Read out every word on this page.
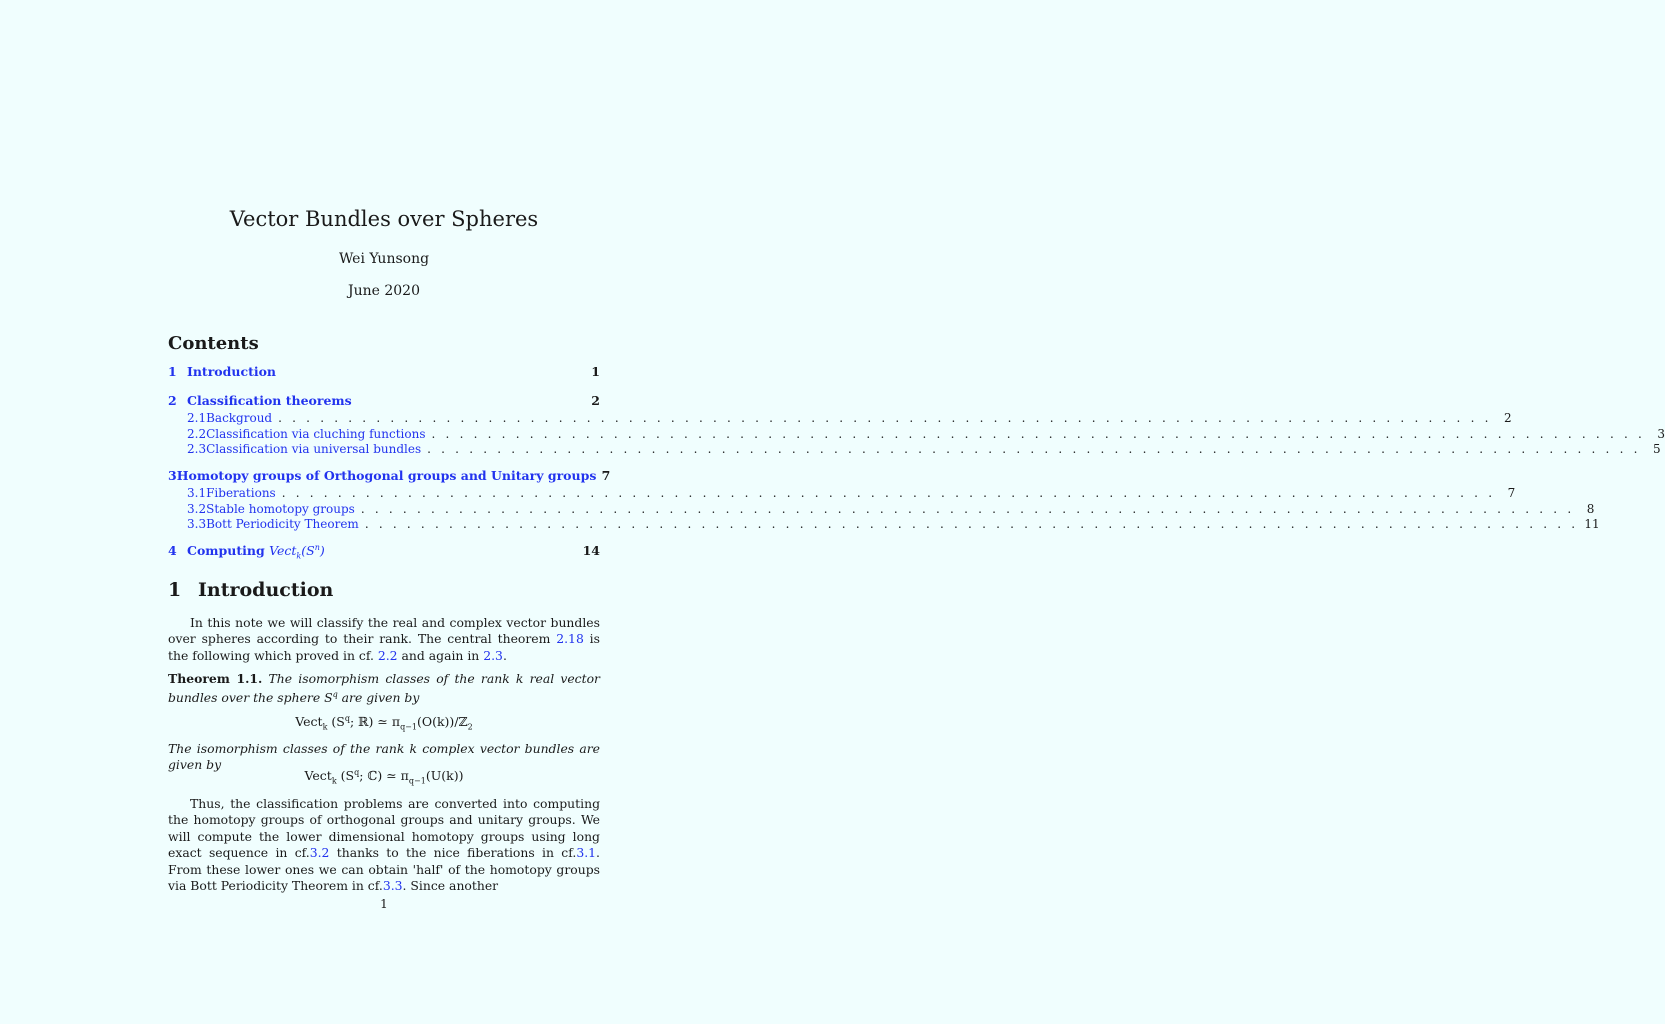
Vector Bundles over Spheres
Wei Yunsong
June 2020
Contents
1 Introduction	1
2 Classification theorems	2
2.1 Backgroud . . .	2
2.2 Classification via cluching functions . . .	3
2.3 Classification via universal bundles . . .	5
3 Homotopy groups of Orthogonal groups and Unitary groups 7
3.1 Fiberations . . .	7
3.2 Stable homotopy groups . . .	8
3.3 Bott Periodicity Theorem . . .	11
4 Computing $Vect_k(S^n)$	14
1 Introduction
In this note we will classify the real and complex vector bundles over spheres according to their rank. The central theorem 2.18 is the following which proved in cf. 2.2 and again in 2.3.
Theorem 1.1. The isomorphism classes of the rank k real vector bundles over the sphere $S^q$ are given by
Vect$_k$ ($S^q$; ℝ) ≃ $\pi_{q-1}(O(k))/ℤ_2$
The isomorphism classes of the rank k complex vector bundles are given by
Vect$_k$ ($S^q$; ℂ) ≃ $\pi_{q-1}(U(k))$
Thus, the classification problems are converted into computing the homotopy groups of orthogonal groups and unitary groups. We will compute the lower dimensional homotopy groups using long exact sequence in cf.3.2 thanks to the nice fiberations in cf.3.1. From these lower ones we can obtain 'half' of the homotopy groups via Bott Periodicity Theorem in cf.3.3. Since another
1
